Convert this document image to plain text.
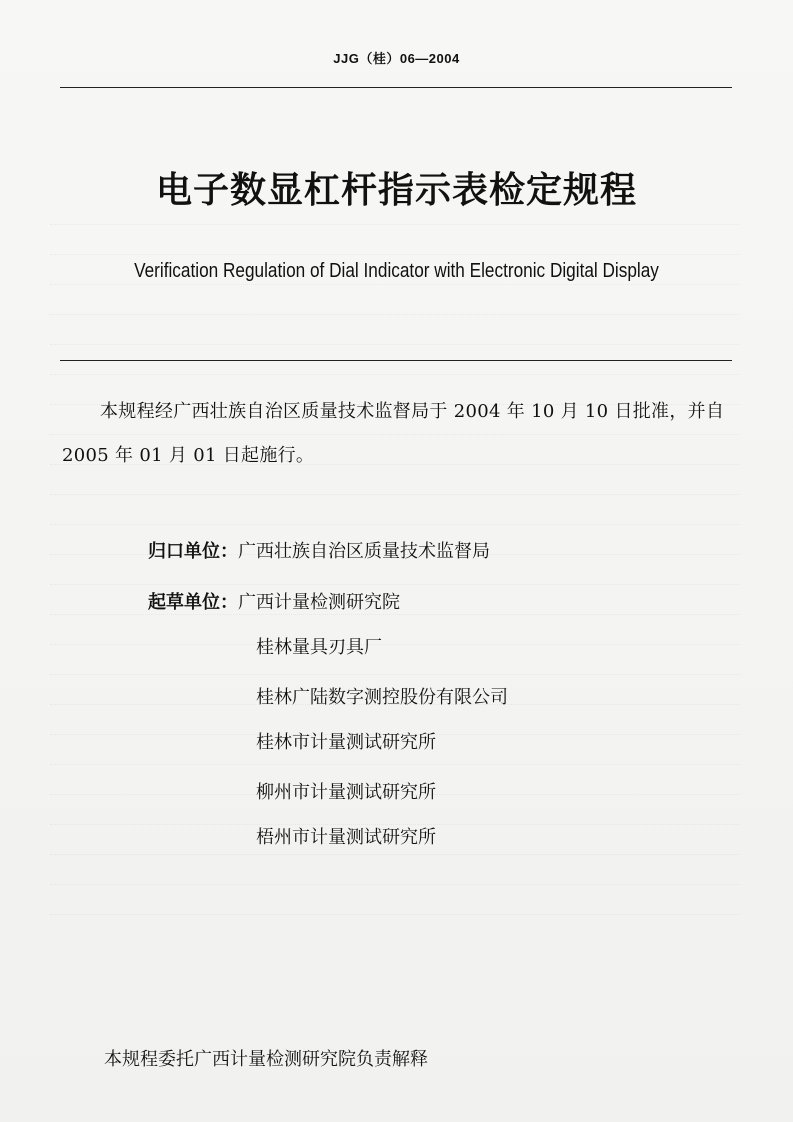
JJG（桂）06—2004
电子数显杠杆指示表检定规程
Verification Regulation of Dial Indicator with Electronic Digital Display
本规程经广西壮族自治区质量技术监督局于 2004 年 10 月 10 日批准，并自 2005 年 01 月 01 日起施行。
归口单位：广西壮族自治区质量技术监督局
起草单位：广西计量检测研究院
桂林量具刃具厂
桂林广陆数字测控股份有限公司
桂林市计量测试研究所
柳州市计量测试研究所
梧州市计量测试研究所
本规程委托广西计量检测研究院负责解释
